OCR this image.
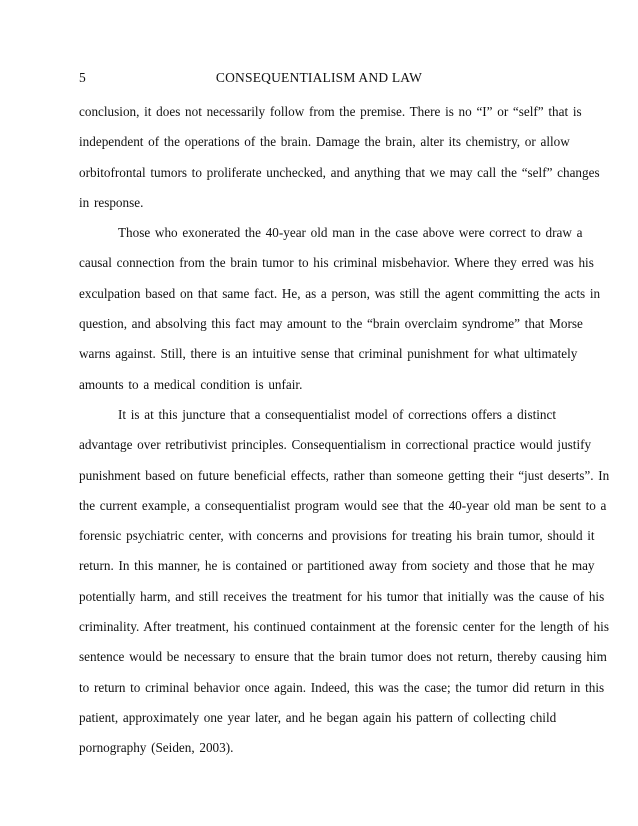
5	CONSEQUENTIALISM AND LAW
conclusion, it does not necessarily follow from the premise. There is no “I” or “self” that is
independent of the operations of the brain. Damage the brain, alter its chemistry, or allow
orbitofrontal tumors to proliferate unchecked, and anything that we may call the “self” changes
in response.
Those who exonerated the 40-year old man in the case above were correct to draw a
causal connection from the brain tumor to his criminal misbehavior. Where they erred was his
exculpation based on that same fact. He, as a person, was still the agent committing the acts in
question, and absolving this fact may amount to the “brain overclaim syndrome” that Morse
warns against. Still, there is an intuitive sense that criminal punishment for what ultimately
amounts to a medical condition is unfair.
It is at this juncture that a consequentialist model of corrections offers a distinct
advantage over retributivist principles. Consequentialism in correctional practice would justify
punishment based on future beneficial effects, rather than someone getting their “just deserts”. In
the current example, a consequentialist program would see that the 40-year old man be sent to a
forensic psychiatric center, with concerns and provisions for treating his brain tumor, should it
return. In this manner, he is contained or partitioned away from society and those that he may
potentially harm, and still receives the treatment for his tumor that initially was the cause of his
criminality. After treatment, his continued containment at the forensic center for the length of his
sentence would be necessary to ensure that the brain tumor does not return, thereby causing him
to return to criminal behavior once again. Indeed, this was the case; the tumor did return in this
patient, approximately one year later, and he began again his pattern of collecting child
pornography (Seiden, 2003).
